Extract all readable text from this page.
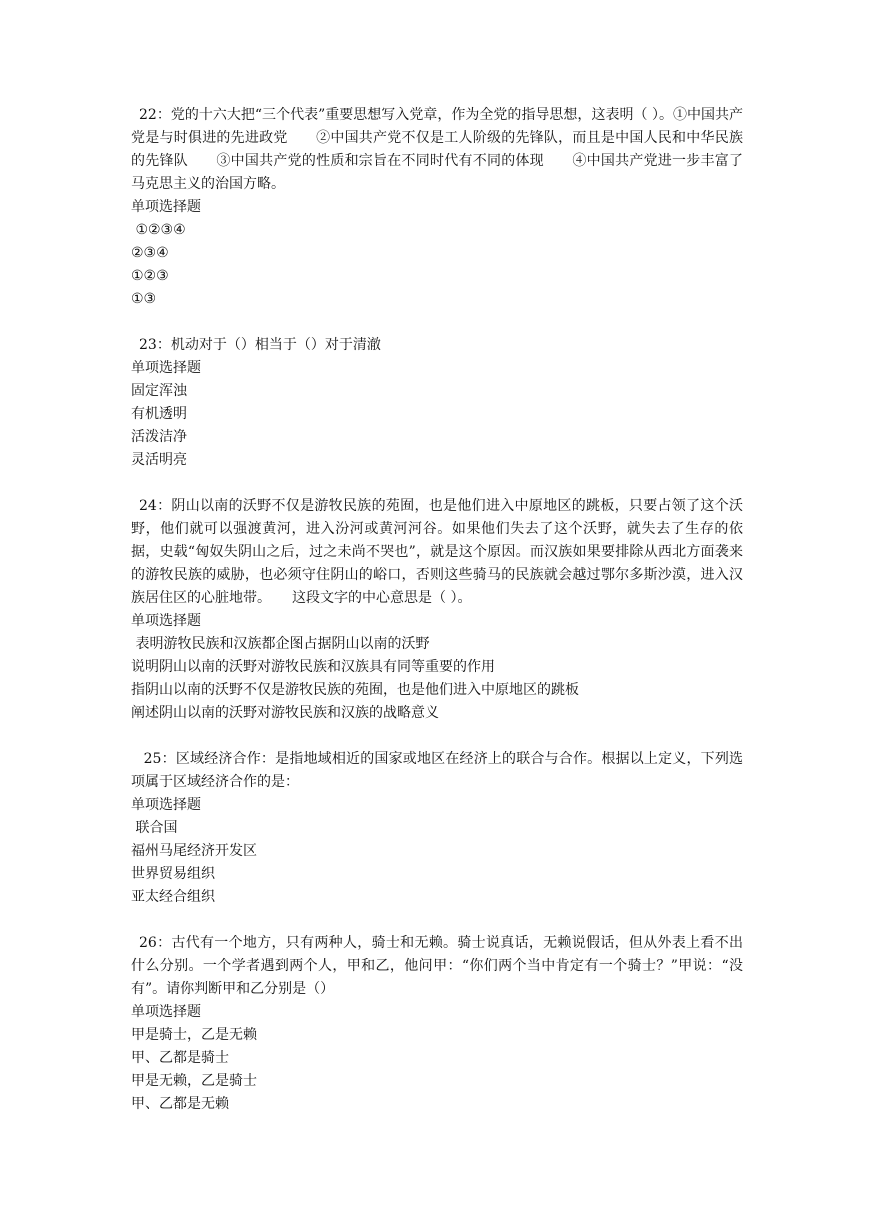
22：党的十六大把“三个代表”重要思想写入党章，作为全党的指导思想，这表明（ ）。①中国共产党是与时俱进的先进政党　　②中国共产党不仅是工人阶级的先锋队，而且是中国人民和中华民族的先锋队　　③中国共产党的性质和宗旨在不同时代有不同的体现　　④中国共产党进一步丰富了马克思主义的治国方略。

单项选择题

①②③④
②③④
①②③
①③

23：机动对于（）相当于（）对于清澈

单项选择题

固定浑浊
有机透明
活泼洁净
灵活明亮

24：阴山以南的沃野不仅是游牧民族的苑囿，也是他们进入中原地区的跳板，只要占领了这个沃野，他们就可以强渡黄河，进入汾河或黄河河谷。如果他们失去了这个沃野，就失去了生存的依据，史载“匈奴失阴山之后，过之未尚不哭也”，就是这个原因。而汉族如果要排除从西北方面袭来的游牧民族的威胁，也必须守住阴山的峪口，否则这些骑马的民族就会越过鄂尔多斯沙漠，进入汉族居住区的心脏地带。　　这段文字的中心意思是（ ）。

单项选择题

表明游牧民族和汉族都企图占据阴山以南的沃野
说明阴山以南的沃野对游牧民族和汉族具有同等重要的作用
指阴山以南的沃野不仅是游牧民族的苑囿，也是他们进入中原地区的跳板
阐述阴山以南的沃野对游牧民族和汉族的战略意义

25：区域经济合作：是指地域相近的国家或地区在经济上的联合与合作。根据以上定义，下列选项属于区域经济合作的是：

单项选择题

联合国
福州马尾经济开发区
世界贸易组织
亚太经合组织

26：古代有一个地方，只有两种人，骑士和无赖。骑士说真话，无赖说假话，但从外表上看不出什么分别。一个学者遇到两个人，甲和乙，他问甲：“你们两个当中肯定有一个骑士？”甲说：“没有”。请你判断甲和乙分别是（）

单项选择题

甲是骑士，乙是无赖
甲、乙都是骑士
甲是无赖，乙是骑士
甲、乙都是无赖
